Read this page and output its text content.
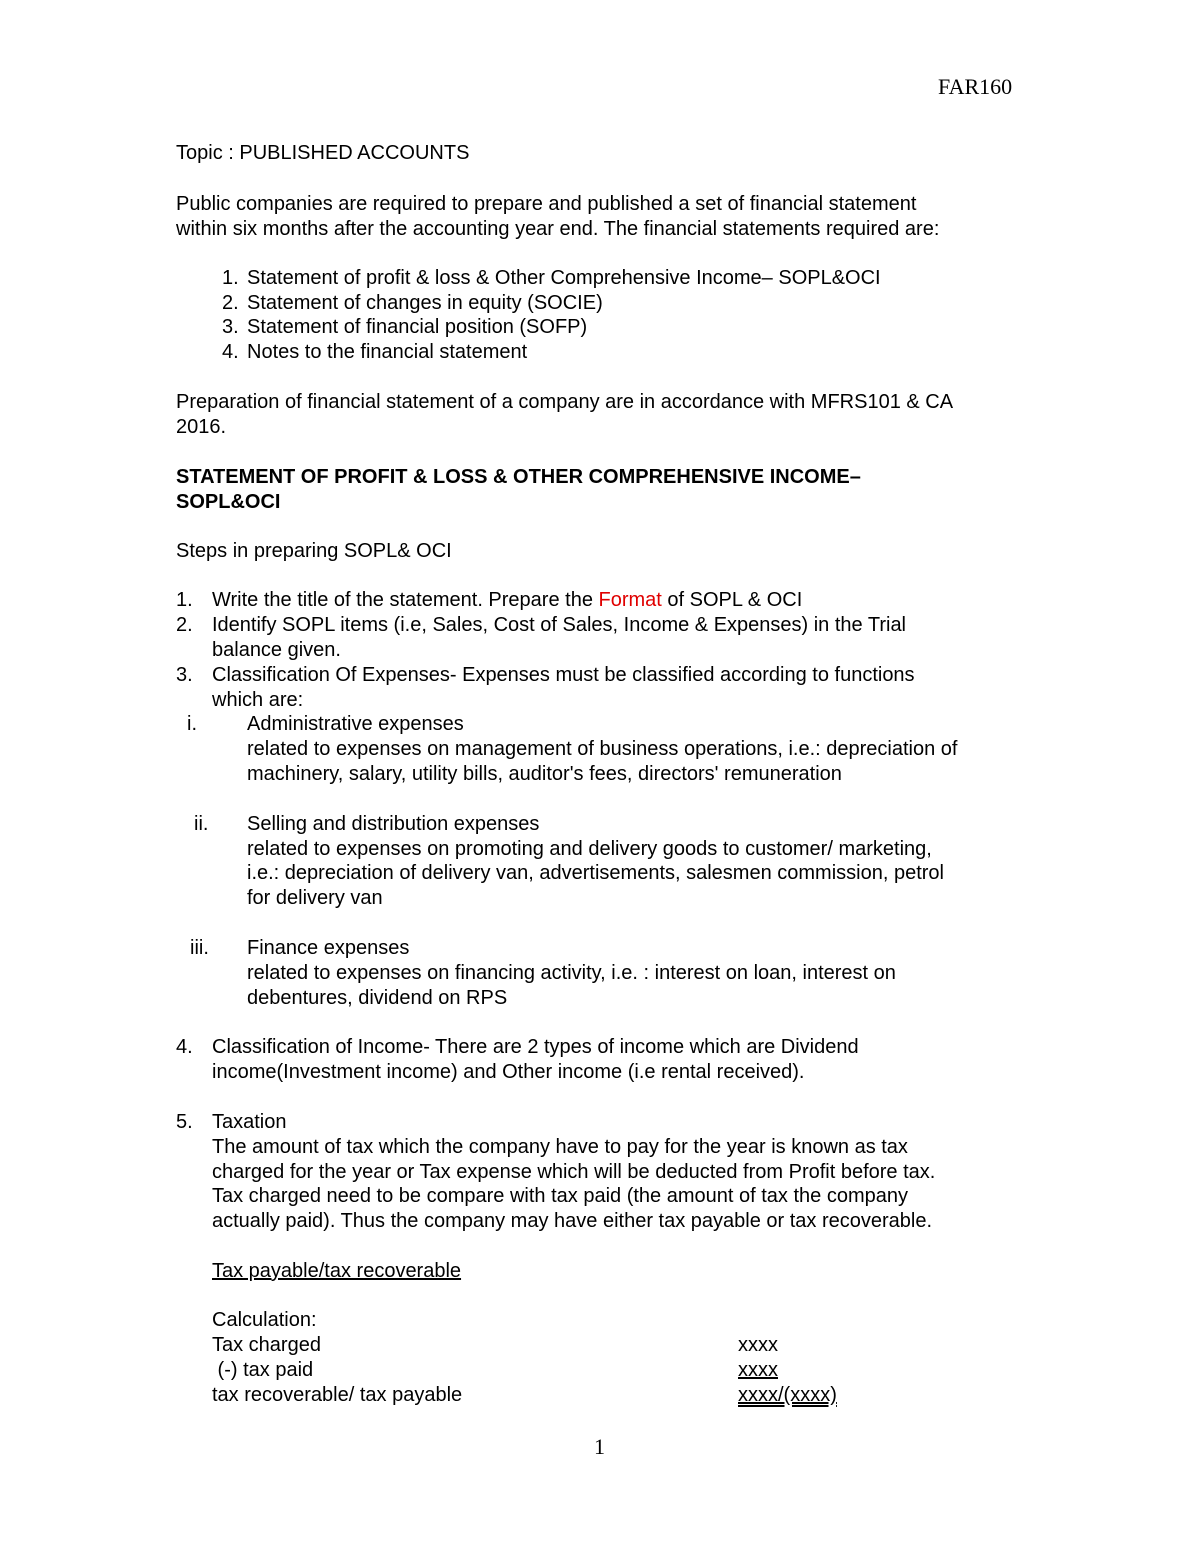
FAR160
Topic : PUBLISHED ACCOUNTS
Public companies are required to prepare and published a set of financial statement
within six months after the accounting year end. The financial statements required are:
1. Statement of profit & loss & Other Comprehensive Income– SOPL&OCI
2. Statement of changes in equity (SOCIE)
3. Statement of financial position (SOFP)
4. Notes to the financial statement
Preparation of financial statement of a company are in accordance with MFRS101 & CA
2016.
STATEMENT OF PROFIT & LOSS & OTHER COMPREHENSIVE INCOME–
SOPL&OCI
Steps in preparing SOPL& OCI
1. Write the title of the statement. Prepare the Format of SOPL & OCI
2. Identify SOPL items (i.e, Sales, Cost of Sales, Income & Expenses) in the Trial
balance given.
3. Classification Of Expenses- Expenses must be classified according to functions
which are:
i.	Administrative expenses
related to expenses on management of business operations, i.e.: depreciation of
machinery, salary, utility bills, auditor's fees, directors' remuneration
ii. Selling and distribution expenses
related to expenses on promoting and delivery goods to customer/ marketing,
i.e.: depreciation of delivery van, advertisements, salesmen commission, petrol
for delivery van
iii. Finance expenses
related to expenses on financing activity, i.e. : interest on loan, interest on
debentures, dividend on RPS
4. Classification of Income- There are 2 types of income which are Dividend
income(Investment income) and Other income (i.e rental received).
5. Taxation
The amount of tax which the company have to pay for the year is known as tax
charged for the year or Tax expense which will be deducted from Profit before tax.
Tax charged need to be compare with tax paid (the amount of tax the company
actually paid). Thus the company may have either tax payable or tax recoverable.
Tax payable/tax recoverable
Calculation:
Tax charged	xxxx
(-) tax paid	xxxx
tax recoverable/ tax payable	xxxx/(xxxx)
1
